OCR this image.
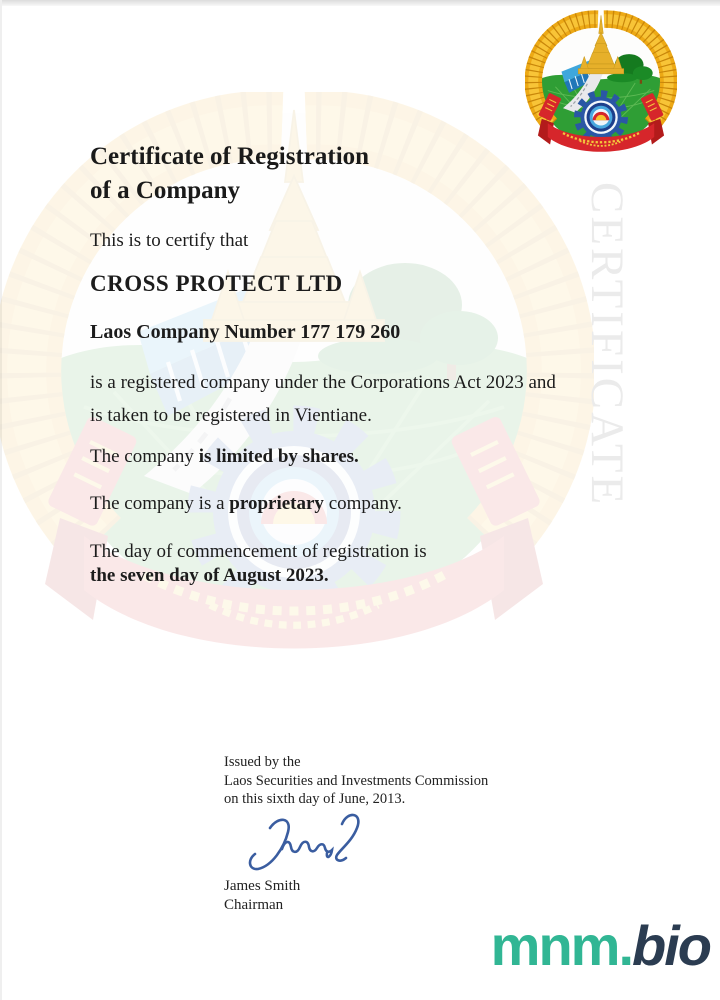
CERTIFICATE
Certificate of Registration
of a Company
This is to certify that
CROSS PROTECT LTD
Laos Company Number 177 179 260
is a registered company under the Corporations Act 2023 and
is taken to be registered in Vientiane.
The company is limited by shares.
The company is a proprietary company.
The day of commencement of registration is
the seven day of August 2023.
Issued by the
Laos Securities and Investments Commission
on this sixth day of June, 2013.
James Smith
Chairman
mnm.bio
